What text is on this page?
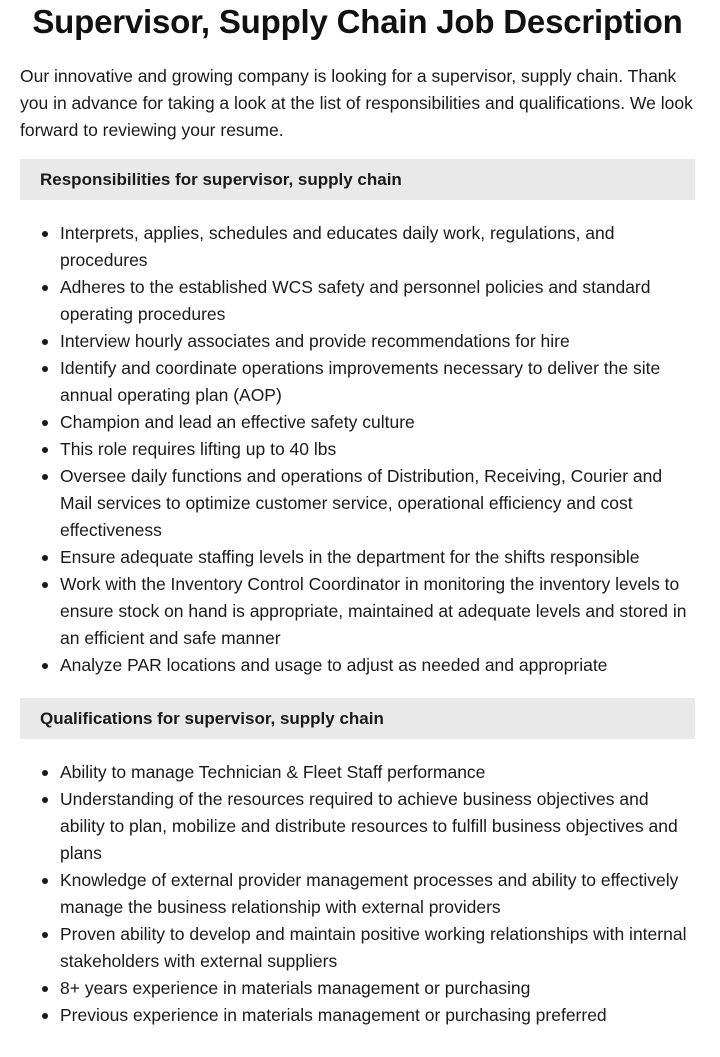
Supervisor, Supply Chain Job Description

Our innovative and growing company is looking for a supervisor, supply chain. Thank you in advance for taking a look at the list of responsibilities and qualifications. We look forward to reviewing your resume.

Responsibilities for supervisor, supply chain
Interprets, applies, schedules and educates daily work, regulations, and procedures
Adheres to the established WCS safety and personnel policies and standard operating procedures
Interview hourly associates and provide recommendations for hire
Identify and coordinate operations improvements necessary to deliver the site annual operating plan (AOP)
Champion and lead an effective safety culture
This role requires lifting up to 40 lbs
Oversee daily functions and operations of Distribution, Receiving, Courier and Mail services to optimize customer service, operational efficiency and cost effectiveness
Ensure adequate staffing levels in the department for the shifts responsible
Work with the Inventory Control Coordinator in monitoring the inventory levels to ensure stock on hand is appropriate, maintained at adequate levels and stored in an efficient and safe manner
Analyze PAR locations and usage to adjust as needed and appropriate
Qualifications for supervisor, supply chain
Ability to manage Technician & Fleet Staff performance
Understanding of the resources required to achieve business objectives and ability to plan, mobilize and distribute resources to fulfill business objectives and plans
Knowledge of external provider management processes and ability to effectively manage the business relationship with external providers
Proven ability to develop and maintain positive working relationships with internal stakeholders with external suppliers
8+ years experience in materials management or purchasing
Previous experience in materials management or purchasing preferred
